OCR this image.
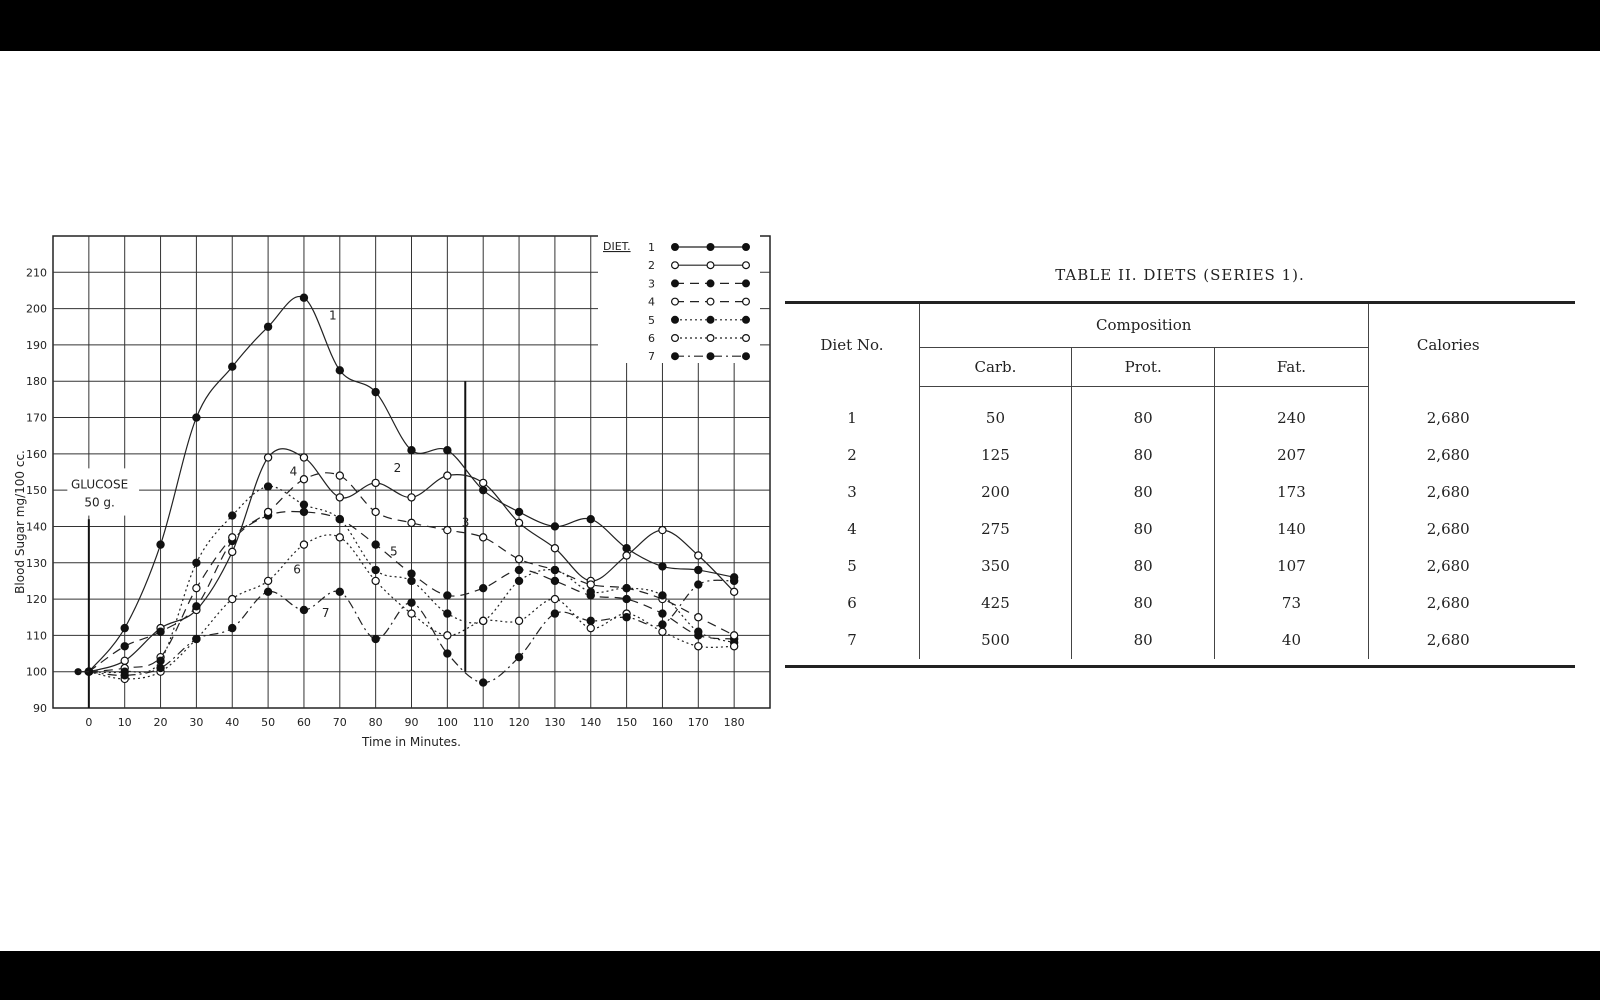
0 10 20 30 40 50 60 70 80 90 100 110 120 130 140 150 160 170 180
90
100
110
120
130
140
150
160
170
180
190
200
210
Time in Minutes.
Blood Sugar mg/100 cc.	GLUCOSE
50 g.
1
2
3
4
5
6
7
DIET. 1
2
3
4
5
6
7
TABLE II. DIETS (SERIES 1).
Diet No.	Composition			Calories
	Carb.	Prot.	Fat.	
1	50	80	240	2,680
2	125	80	207	2,680
3	200	80	173	2,680
4	275	80	140	2,680
5	350	80	107	2,680
6	425	80	73	2,680
7	500	80	40	2,680
